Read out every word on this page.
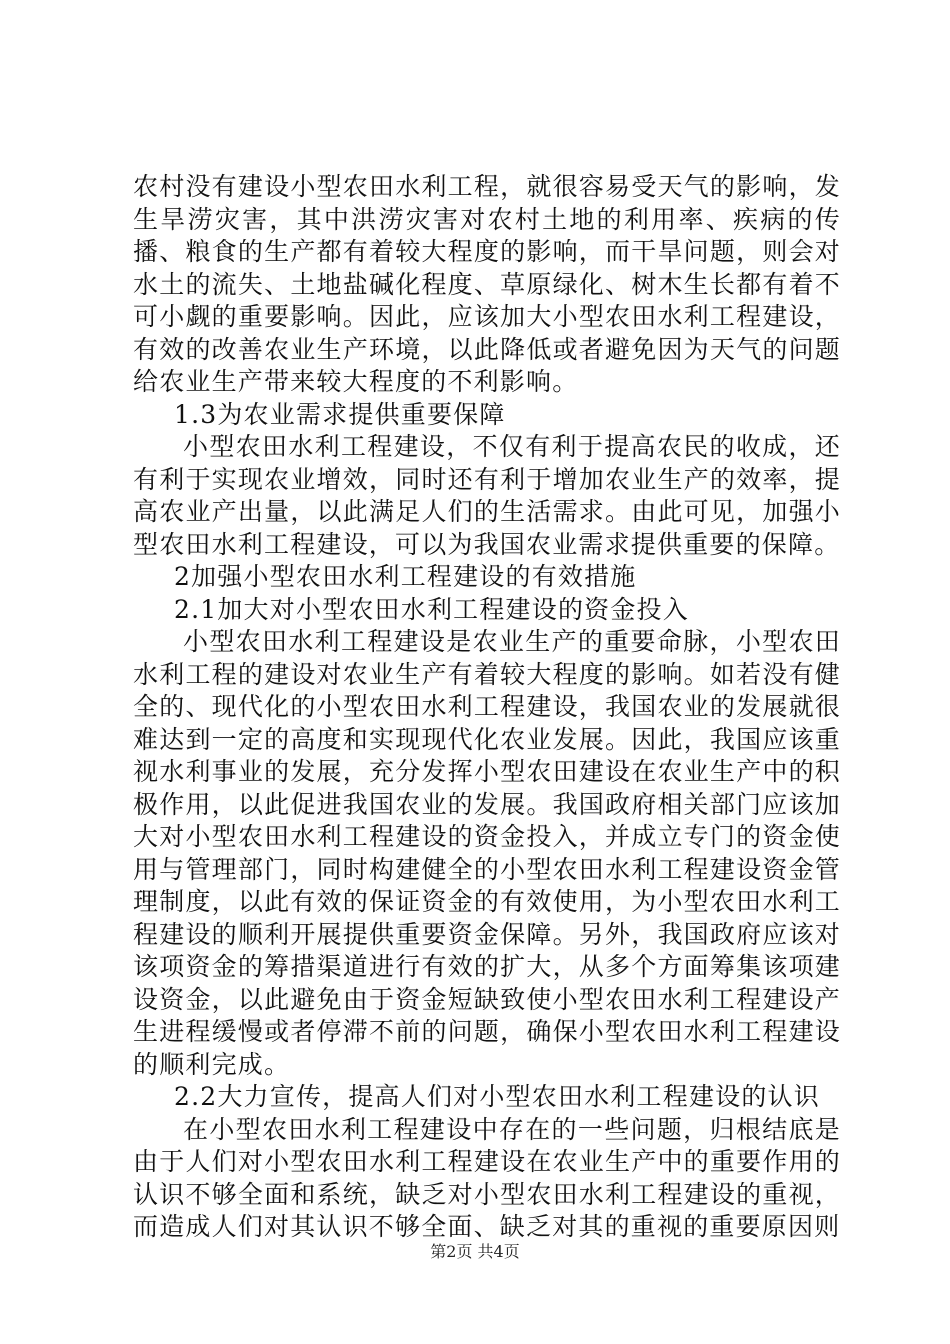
农村没有建设小型农田水利工程，就很容易受天气的影响，发生旱涝灾害，其中洪涝灾害对农村土地的利用率、疾病的传播、粮食的生产都有着较大程度的影响，而干旱问题，则会对水土的流失、土地盐碱化程度、草原绿化、树木生长都有着不可小觑的重要影响。因此，应该加大小型农田水利工程建设，有效的改善农业生产环境，以此降低或者避免因为天气的问题给农业生产带来较大程度的不利影响。

1.3为农业需求提供重要保障

小型农田水利工程建设，不仅有利于提高农民的收成，还有利于实现农业增效，同时还有利于增加农业生产的效率，提高农业产出量，以此满足人们的生活需求。由此可见，加强小型农田水利工程建设，可以为我国农业需求提供重要的保障。

2加强小型农田水利工程建设的有效措施

2.1加大对小型农田水利工程建设的资金投入

小型农田水利工程建设是农业生产的重要命脉，小型农田水利工程的建设对农业生产有着较大程度的影响。如若没有健全的、现代化的小型农田水利工程建设，我国农业的发展就很难达到一定的高度和实现现代化农业发展。因此，我国应该重视水利事业的发展，充分发挥小型农田建设在农业生产中的积极作用，以此促进我国农业的发展。我国政府相关部门应该加大对小型农田水利工程建设的资金投入，并成立专门的资金使用与管理部门，同时构建健全的小型农田水利工程建设资金管理制度，以此有效的保证资金的有效使用，为小型农田水利工程建设的顺利开展提供重要资金保障。另外，我国政府应该对该项资金的筹措渠道进行有效的扩大，从多个方面筹集该项建设资金，以此避免由于资金短缺致使小型农田水利工程建设产生进程缓慢或者停滞不前的问题，确保小型农田水利工程建设的顺利完成。

2.2大力宣传，提高人们对小型农田水利工程建设的认识

在小型农田水利工程建设中存在的一些问题，归根结底是由于人们对小型农田水利工程建设在农业生产中的重要作用的认识不够全面和系统，缺乏对小型农田水利工程建设的重视，而造成人们对其认识不够全面、缺乏对其的重视的重要原因则

第2页 共4页
